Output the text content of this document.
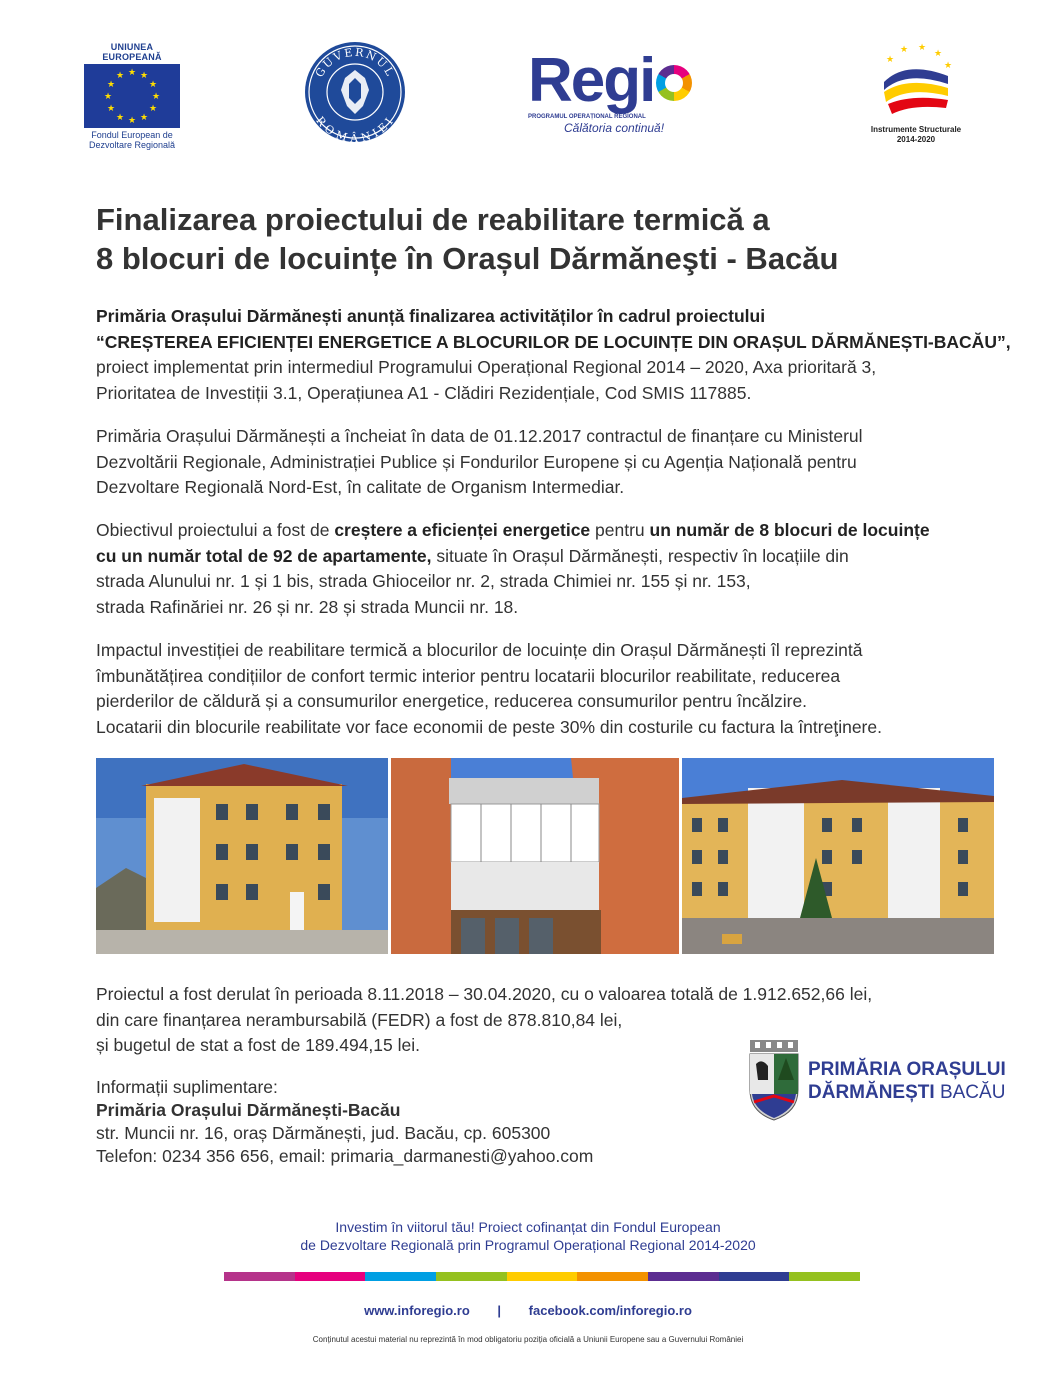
UNIUNEA EUROPEANĂ
★ ★
★
★
★
★
★
★
★
★
★
★
Fondul European de
Dezvoltare Regională
GUVERNUL
ROMÂNIEI
Regi
PROGRAMUL OPERAȚIONAL REGIONAL
Călătoria continuă!
★
★ ★
★
★
Instrumente Structurale
2014-2020
Finalizarea proiectului de reabilitare termică a
8 blocuri de locuințe în Orașul Dărmăneşti - Bacău
Primăria Orașului Dărmănești anunță finalizarea activităților în cadrul proiectului
“CREȘTEREA EFICIENȚEI ENERGETICE A BLOCURILOR DE LOCUINȚE DIN ORAȘUL DĂRMĂNEȘTI-BACĂU”,
proiect implementat prin intermediul Programului Operațional Regional 2014 – 2020, Axa prioritară 3,
Prioritatea de Investiții 3.1, Operațiunea A1 - Clădiri Rezidențiale, Cod SMIS 117885.
Primăria Orașului Dărmănești a încheiat în data de 01.12.2017 contractul de finanțare cu Ministerul
Dezvoltării Regionale, Administrației Publice și Fondurilor Europene și cu Agenția Națională pentru
Dezvoltare Regională Nord-Est, în calitate de Organism Intermediar.
Obiectivul proiectului a fost de creștere a eficienței energetice pentru un număr de 8 blocuri de locuințe
cu un număr total de 92 de apartamente, situate în Orașul Dărmănești, respectiv în locațiile din
strada Alunului nr. 1 și 1 bis, strada Ghioceilor nr. 2, strada Chimiei nr. 155 și nr. 153,
strada Rafinăriei nr. 26 și nr. 28 și strada Muncii nr. 18.
Impactul investiției de reabilitare termică a blocurilor de locuințe din Orașul Dărmănești îl reprezintă
îmbunătățirea condițiilor de confort termic interior pentru locatarii blocurilor reabilitate, reducerea
pierderilor de căldură și a consumurilor energetice, reducerea consumurilor pentru încălzire.
Locatarii din blocurile reabilitate vor face economii de peste 30% din costurile cu factura la întreţinere.
Proiectul a fost derulat în perioada 8.11.2018 – 30.04.2020, cu o valoarea totală de 1.912.652,66 lei,
din care finanțarea nerambursabilă (FEDR) a fost de 878.810,84 lei,
și bugetul de stat a fost de 189.494,15 lei.
Informații suplimentare:
Primăria Orașului Dărmănești-Bacău
str. Muncii nr. 16, oraș Dărmănești, jud. Bacău, cp. 605300
Telefon: 0234 356 656, email: primaria_darmanesti@yahoo.com
PRIMĂRIA ORAȘULUI
DĂRMĂNEȘTI BACĂU
Investim în viitorul tău! Proiect cofinanțat din Fondul European
de Dezvoltare Regională prin Programul Operațional Regional 2014-2020
www.inforegio.ro | facebook.com/inforegio.ro
Conținutul acestui material nu reprezintă în mod obligatoriu poziția oficială a Uniunii Europene sau a Guvernului României
